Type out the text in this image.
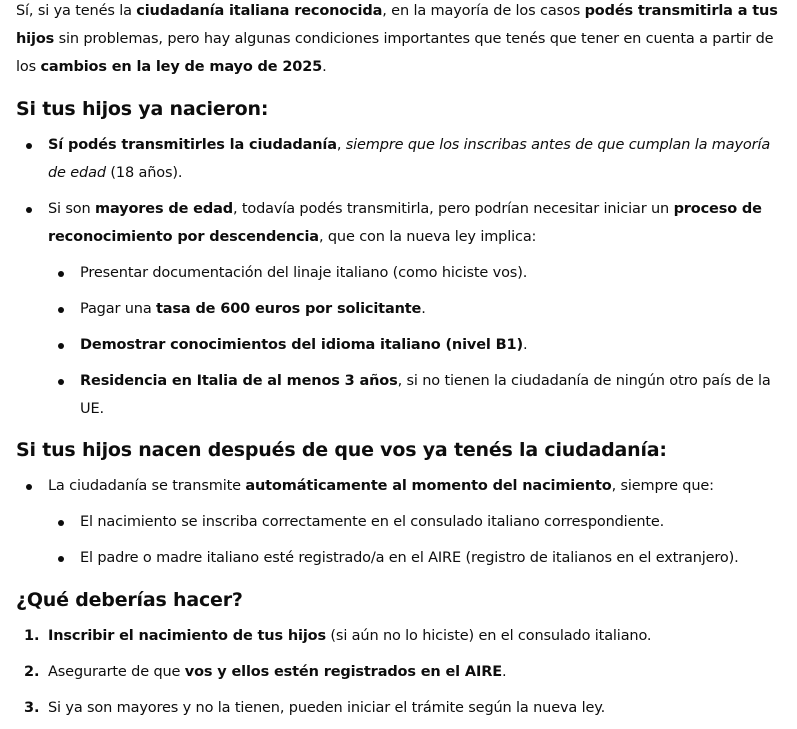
Sí, si ya tenés la ciudadanía italiana reconocida, en la mayoría de los casos podés transmitirla a tus hijos sin problemas, pero hay algunas condiciones importantes que tenés que tener en cuenta a partir de los cambios en la ley de mayo de 2025.

Si tus hijos ya nacieron:
Sí podés transmitirles la ciudadanía, siempre que los inscribas antes de que cumplan la mayoría de edad (18 años).
Si son mayores de edad, todavía podés transmitirla, pero podrían necesitar iniciar un proceso de reconocimiento por descendencia, que con la nueva ley implica:
Presentar documentación del linaje italiano (como hiciste vos).
Pagar una tasa de 600 euros por solicitante.
Demostrar conocimientos del idioma italiano (nivel B1).
Residencia en Italia de al menos 3 años, si no tienen la ciudadanía de ningún otro país de la UE.
Si tus hijos nacen después de que vos ya tenés la ciudadanía:
La ciudadanía se transmite automáticamente al momento del nacimiento, siempre que:
El nacimiento se inscriba correctamente en el consulado italiano correspondiente.
El padre o madre italiano esté registrado/a en el AIRE (registro de italianos en el extranjero).
¿Qué deberías hacer?
1. Inscribir el nacimiento de tus hijos (si aún no lo hiciste) en el consulado italiano.
2. Asegurarte de que vos y ellos estén registrados en el AIRE.
3. Si ya son mayores y no la tienen, pueden iniciar el trámite según la nueva ley.
